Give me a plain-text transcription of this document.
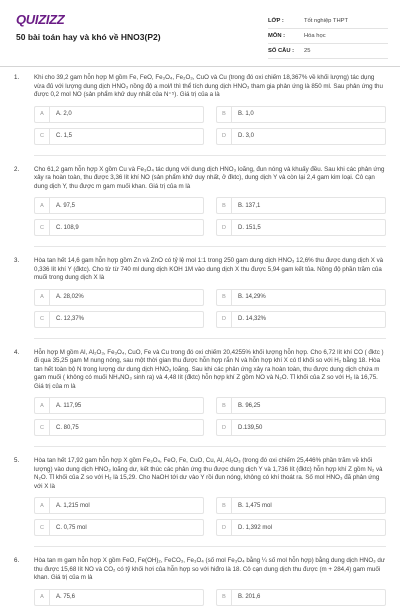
QUIZIZZ
50 bài toán hay và khó về HNO3(P2)
LỚP :	Tốt nghiệp THPT
MÔN :	Hóa học
SỐ CÂU :	25
1. Khi cho 39,2 gam hỗn hợp M gồm Fe, FeO, Fe₃O₄, Fe₂O₃, CuO và Cu (trong đó oxi chiếm 18,367% về khối lượng) tác dụng vừa đủ với lượng dung dịch HNO₃ nồng độ a mol/l thì thể tích dung dịch HNO₃ tham gia phản ứng là 850 ml. Sau phản ứng thu được 0,2 mol NO (sản phẩm khử duy nhất của N⁺⁵). Giá trị của a là
A	A. 2,0	B	B. 1,0
C	C. 1,5	D	D. 3,0
2. Cho 61,2 gam hỗn hợp X gồm Cu và Fe₃O₄ tác dụng với dung dịch HNO₃ loãng, đun nóng và khuấy đều. Sau khi các phản ứng xảy ra hoàn toàn, thu được 3,36 lít khí NO (sản phẩm khử duy nhất, ở đktc), dung dịch Y và còn lại 2,4 gam kim loại. Cô cạn dung dịch Y, thu được m gam muối khan. Giá trị của m là
A	A. 97,5	B	B. 137,1
C	C. 108,9	D	D. 151,5
3. Hòa tan hết 14,6 gam hỗn hợp gồm Zn và ZnO có tỷ lệ mol 1:1 trong 250 gam dung dịch HNO₃ 12,6% thu được dung dịch X và 0,336 lít khí Y (đktc). Cho từ từ 740 ml dung dịch KOH 1M vào dung dịch X thu được 5,94 gam kết tủa. Nồng độ phần trăm của muối trong dung dịch X là
A	A. 28,02%	B	B. 14,29%
C	C. 12,37%	D	D. 14,32%
4. Hỗn hợp M gồm Al, Al₂O₃, Fe₃O₄, CuO, Fe và Cu trong đó oxi chiếm 20,4255% khối lượng hỗn hợp. Cho 6,72 lít khí CO ( đktc ) đi qua 35,25 gam M nung nóng, sau một thời gian thu được hỗn hợp rắn N và hỗn hợp khí X có tỉ khối so với H₂ bằng 18. Hòa tan hết toàn bộ N trong lượng dư dung dịch HNO₃ loãng. Sau khi các phản ứng xảy ra hoàn toàn, thu được dung dịch chứa m gam muối ( không có muối NH₄NO₃ sinh ra) và 4,48 lít (đktc) hỗn hợp khí Z gồm NO và N₂O. Tỉ khối của Z so với H₂ là 16,75. Giá trị của m là
A	A. 117,95	B	B. 96,25
C	C. 80,75	D	D.139,50
5. Hòa tan hết 17,92 gam hỗn hợp X gồm Fe₃O₄, FeO, Fe, CuO, Cu, Al, Al₂O₃ (trong đó oxi chiếm 25,446% phần trăm về khối lượng) vào dung dịch HNO₃ loãng dư, kết thúc các phản ứng thu được dung dịch Y và 1,736 lít (đktc) hỗn hợp khí Z gồm N₂ và N₂O. Tỉ khối của Z so với H₂ là 15,29. Cho NaOH tới dư vào Y rồi đun nóng, không có khí thoát ra. Số mol HNO₃ đã phản ứng với X là
A	A. 1,215 mol	B	B. 1,475 mol
C	C. 0,75 mol	D	D. 1,392 mol
6. Hòa tan m gam hỗn hợp X gồm FeO, Fe(OH)₂, FeCO₃, Fe₃O₄ (số mol Fe₃O₄ bằng ¼ số mol hỗn hợp) bằng dung dịch HNO₃ dư thu được 15,68 lít NO và CO₂ có tỷ khối hơi của hỗn hợp so với hiđro là 18. Cô cạn dung dịch thu được (m + 284,4) gam muối khan. Giá trị của m là
A	A. 75,6	B	B. 201,6
